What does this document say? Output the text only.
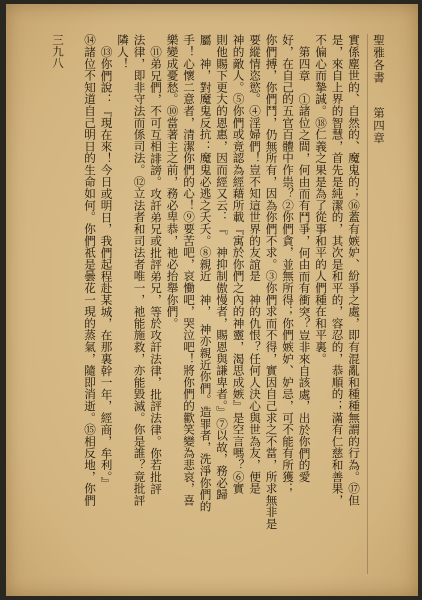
聖雅各書 第四章
三九八	實係塵世的、自然的、魔鬼的；⑯蓋有嫉妒、紛爭之處，即有混亂和種種無謂的行為。⑰但
是，來自上界的智慧，首先是純潔的，其次是和平的，容忍的，恭順的；滿有仁慈和善果，
不偏心而摯誠。⑱仁義之果是為了從事和平的人們種在和平裏。
第四章　①諸位之間，何由而有鬥爭，何由而有衝突？豈非來自該處，出於你們的愛
好，在自己的五官百體中作祟？②你們貪，並無所得；你們嫉妒、妒忌，可不能有所獲；
你們搏，你們鬥，仍無所有，因為你們不求。③你們求而不得，實因自己求之不當，所求無非是
要縱情恣慾。④淫婦們！豈不知這世界的友誼是　神的仇恨？任何人決心與世為友，便是
神的敵人。⑤你們或竟認為經藉所載『寓於你們之內的神靈，渴思成嫉』是空言嗎？⑥實
則他賜下更大的恩惠，因而經又云：『　神抑制傲慢者，賜恩與謙卑者。』⑦以故，務必歸
屬　神，對魔鬼反抗：魔鬼必逃之夭夭。⑧親近　神，　神亦親近你們。造罪者，洗淨你們的
手！心懷二意者，清潔你們的心！⑨要苦吧，哀慟吧，哭泣吧！將你們的歡笑變為悲哀，喜
樂變成憂愁。⑩當著主之前，務必卑恭，祂必抬舉你們。
⑪弟兄們，不可互相誹謗。攻訐弟兄或批評弟兄，等於攻訐法律，批評法律。你若批評
法律，即非守法而係司法。⑫立法者和司法者唯一，祂能施救，亦能毀滅。你是誰？竟批評
隣人！
⑬你們說：『現在來！今日或明日，我們起程赴某城，在那裏幹一年，經商，牟利。』
⑭諸位不知道自己明日的生命如何。你們祇是曇花一現的蒸氣，隨即消逝。⑮相反地，你們
